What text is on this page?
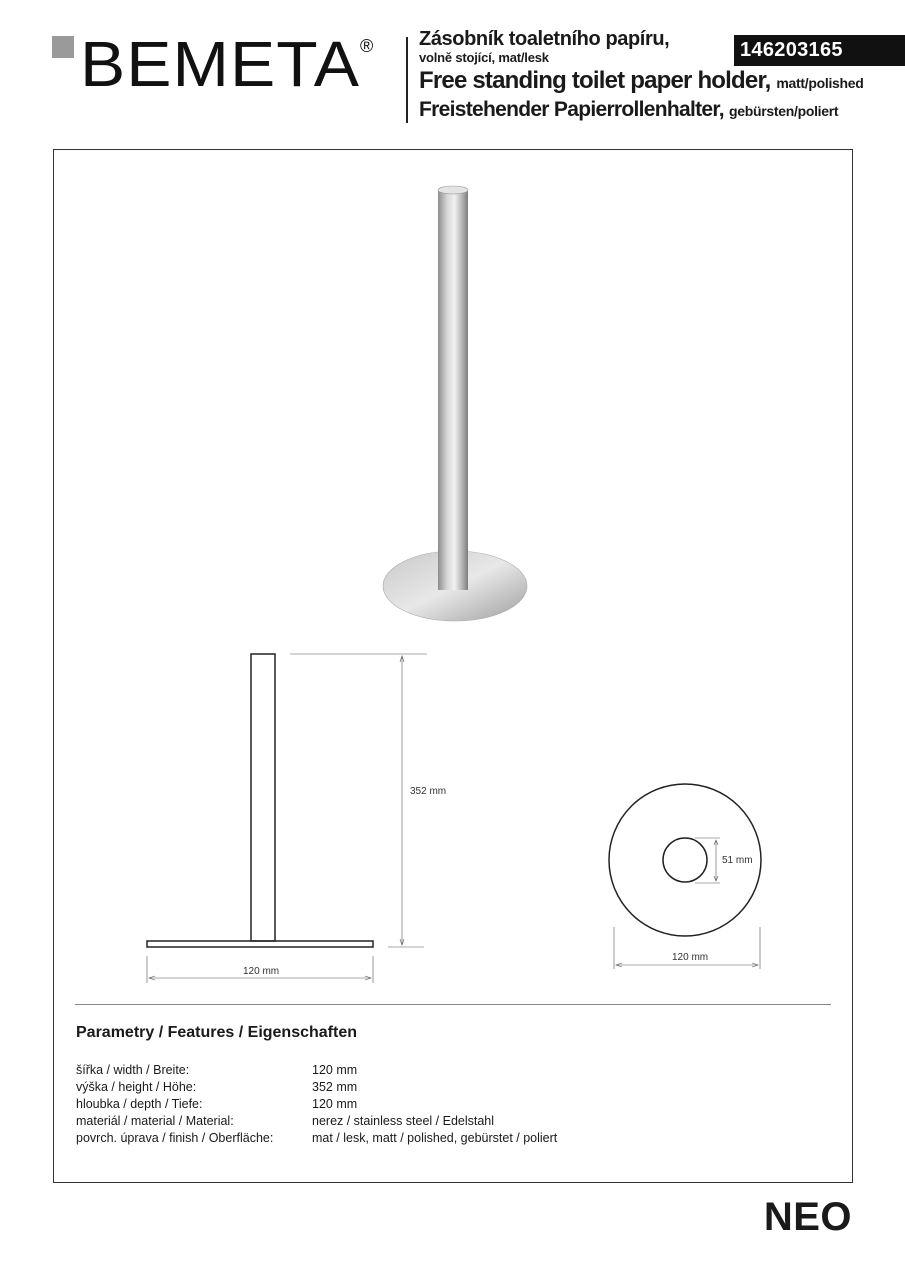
BEMETA ® Zásobník toaletního papíru,
volně stojící, mat/lesk
Free standing toilet paper holder, matt/polished
Freistehender Papierrollenhalter, gebürsten/poliert
146203165
352 mm
120 mm
51 mm
120 mm
Parametry / Features / Eigenschaften
šířka / width / Breite:	120 mm
výška / height / Höhe:	352 mm
hloubka / depth / Tiefe:	120 mm
materiál / material / Material:	nerez / stainless steel / Edelstahl
povrch. úprava / finish / Oberfläche:	mat / lesk, matt / polished, gebürstet / poliert
NEO
